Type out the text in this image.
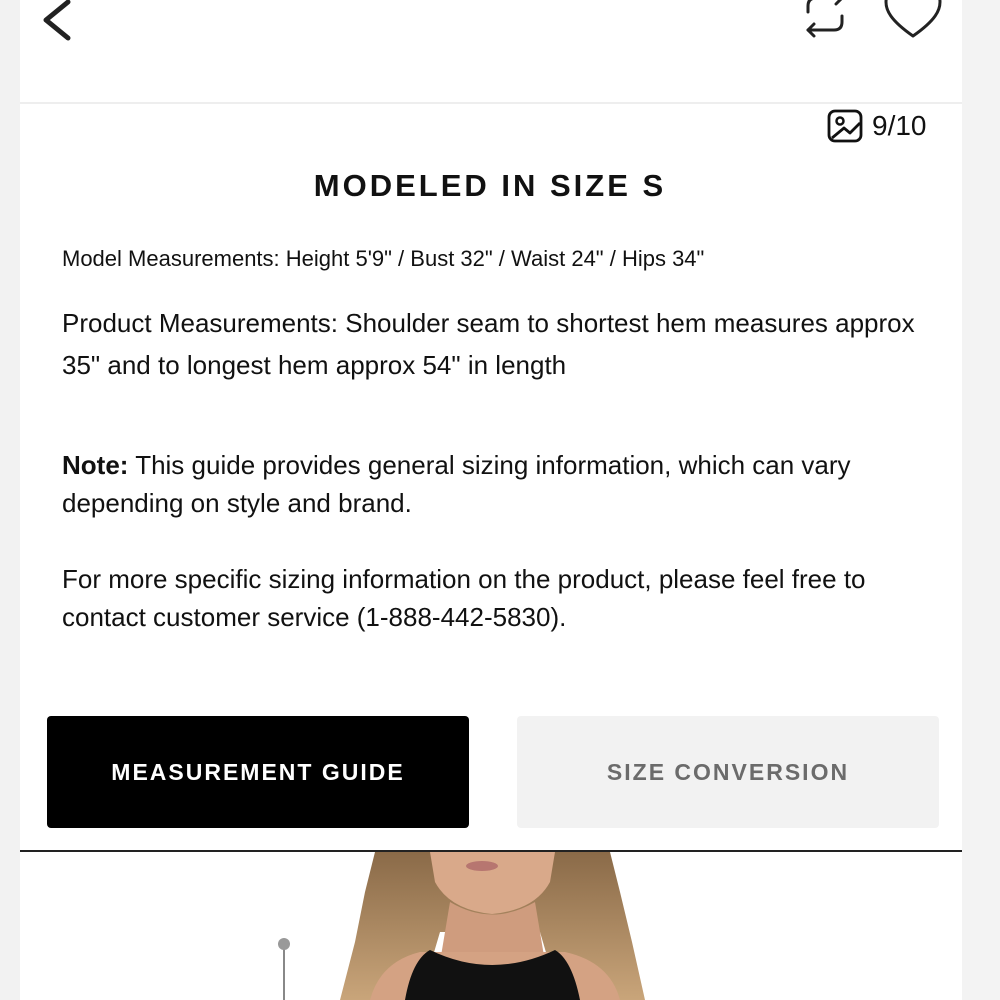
9/10
MODELED IN SIZE S
Model Measurements: Height 5'9" / Bust 32" / Waist 24" / Hips 34"
Product Measurements: Shoulder seam to shortest hem measures approx 35" and to longest hem approx 54" in length
Note: This guide provides general sizing information, which can vary depending on style and brand.
For more specific sizing information on the product, please feel free to contact customer service (1-888-442-5830).
MEASUREMENT GUIDE	SIZE CONVERSION
